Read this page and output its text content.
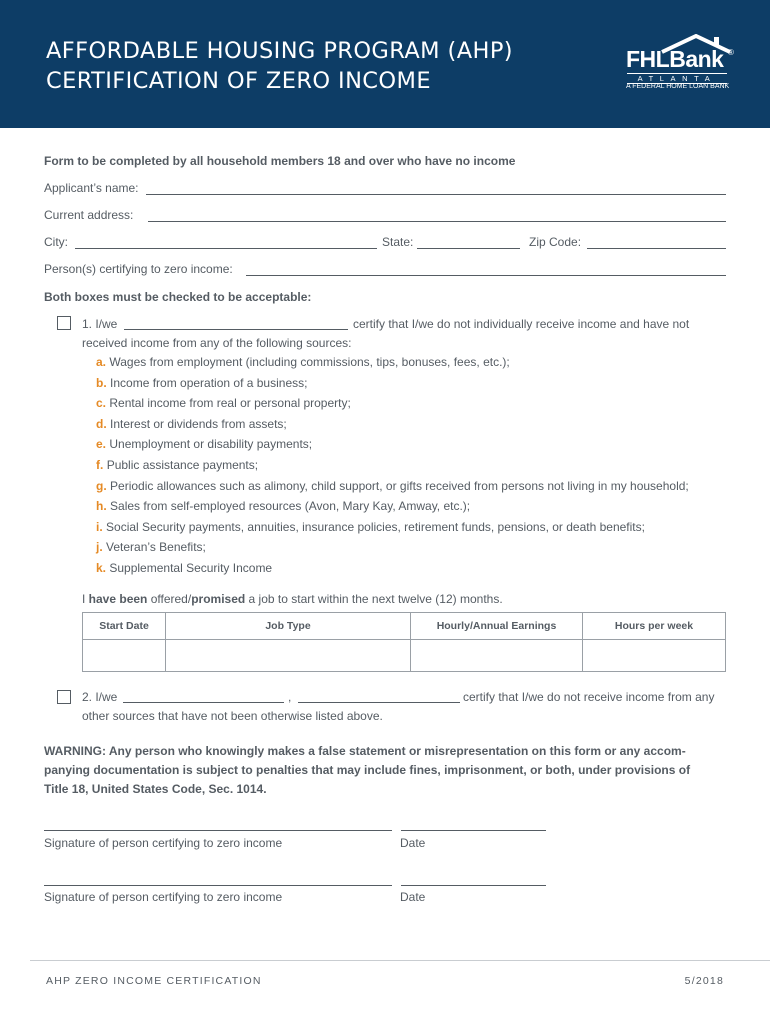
AFFORDABLE HOUSING PROGRAM (AHP)
CERTIFICATION OF ZERO INCOME
FHLBank ®
ATLANTA
A FEDERAL HOME LOAN BANK
Form to be completed by all household members 18 and over who have no income
Applicant’s name:
Current address:
City:	State:	Zip Code:
Person(s) certifying to zero income:
Both boxes must be checked to be acceptable:
1. I/we	certify that I/we do not individually receive income and have not
received income from any of the following sources:
a. Wages from employment (including commissions, tips, bonuses, fees, etc.);
b. Income from operation of a business;
c. Rental income from real or personal property;
d. Interest or dividends from assets;
e. Unemployment or disability payments;
f. Public assistance payments;
g. Periodic allowances such as alimony, child support, or gifts received from persons not living in my household;
h. Sales from self-employed resources (Avon, Mary Kay, Amway, etc.);
i. Social Security payments, annuities, insurance policies, retirement funds, pensions, or death benefits;
j. Veteran’s Benefits;
k. Supplemental Security Income
I have been offered/promised a job to start within the next twelve (12) months.
Start Date	Job Type	Hourly/Annual Earnings	Hours per week

2. I/we	,	certify that I/we do not receive income from any
other sources that have not been otherwise listed above.
WARNING: Any person who knowingly makes a false statement or misrepresentation on this form or any accom-
panying documentation is subject to penalties that may include fines, imprisonment, or both, under provisions of
Title 18, United States Code, Sec. 1014.
Signature of person certifying to zero income	Date
Signature of person certifying to zero income	Date
AHP ZERO INCOME CERTIFICATION	5/2018
